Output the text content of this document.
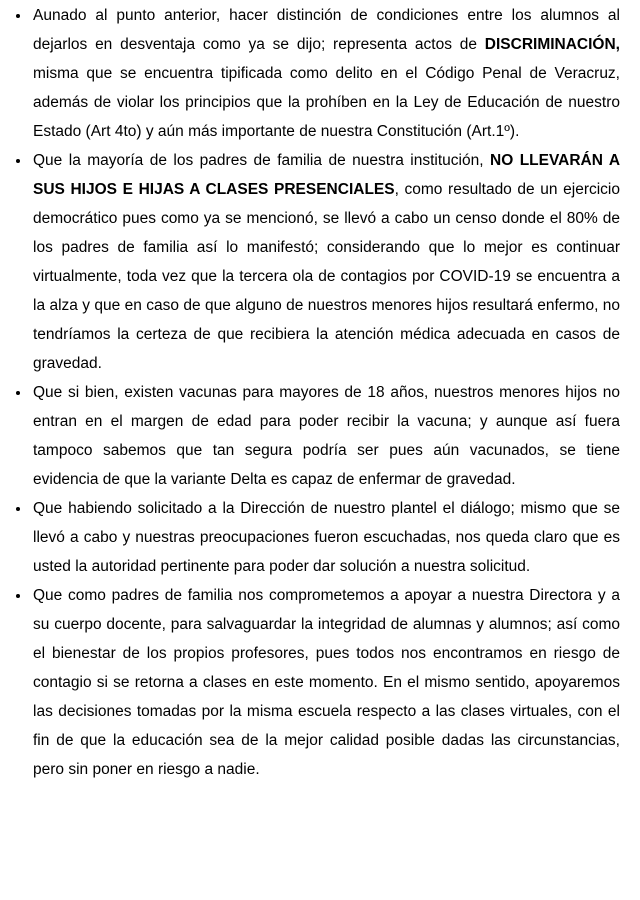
• Aunado al punto anterior, hacer distinción de condiciones entre los alumnos al dejarlos en desventaja como ya se dijo; representa actos de DISCRIMINACIÓN, misma que se encuentra tipificada como delito en el Código Penal de Veracruz, además de violar los principios que la prohíben en la Ley de Educación de nuestro Estado (Art 4to) y aún más importante de nuestra Constitución (Art.1º).
• Que la mayoría de los padres de familia de nuestra institución, NO LLEVARÁN A SUS HIJOS E HIJAS A CLASES PRESENCIALES, como resultado de un ejercicio democrático pues como ya se mencionó, se llevó a cabo un censo donde el 80% de los padres de familia así lo manifestó; considerando que lo mejor es continuar virtualmente, toda vez que la tercera ola de contagios por COVID-19 se encuentra a la alza y que en caso de que alguno de nuestros menores hijos resultará enfermo, no tendríamos la certeza de que recibiera la atención médica adecuada en casos de gravedad.
• Que si bien, existen vacunas para mayores de 18 años, nuestros menores hijos no entran en el margen de edad para poder recibir la vacuna; y aunque así fuera tampoco sabemos que tan segura podría ser pues aún vacunados, se tiene evidencia de que la variante Delta es capaz de enfermar de gravedad.
• Que habiendo solicitado a la Dirección de nuestro plantel el diálogo; mismo que se llevó a cabo y nuestras preocupaciones fueron escuchadas, nos queda claro que es usted la autoridad pertinente para poder dar solución a nuestra solicitud.
• Que como padres de familia nos comprometemos a apoyar a nuestra Directora y a su cuerpo docente, para salvaguardar la integridad de alumnas y alumnos; así como el bienestar de los propios profesores, pues todos nos encontramos en riesgo de contagio si se retorna a clases en este momento. En el mismo sentido, apoyaremos las decisiones tomadas por la misma escuela respecto a las clases virtuales, con el fin de que la educación sea de la mejor calidad posible dadas las circunstancias, pero sin poner en riesgo a nadie.
